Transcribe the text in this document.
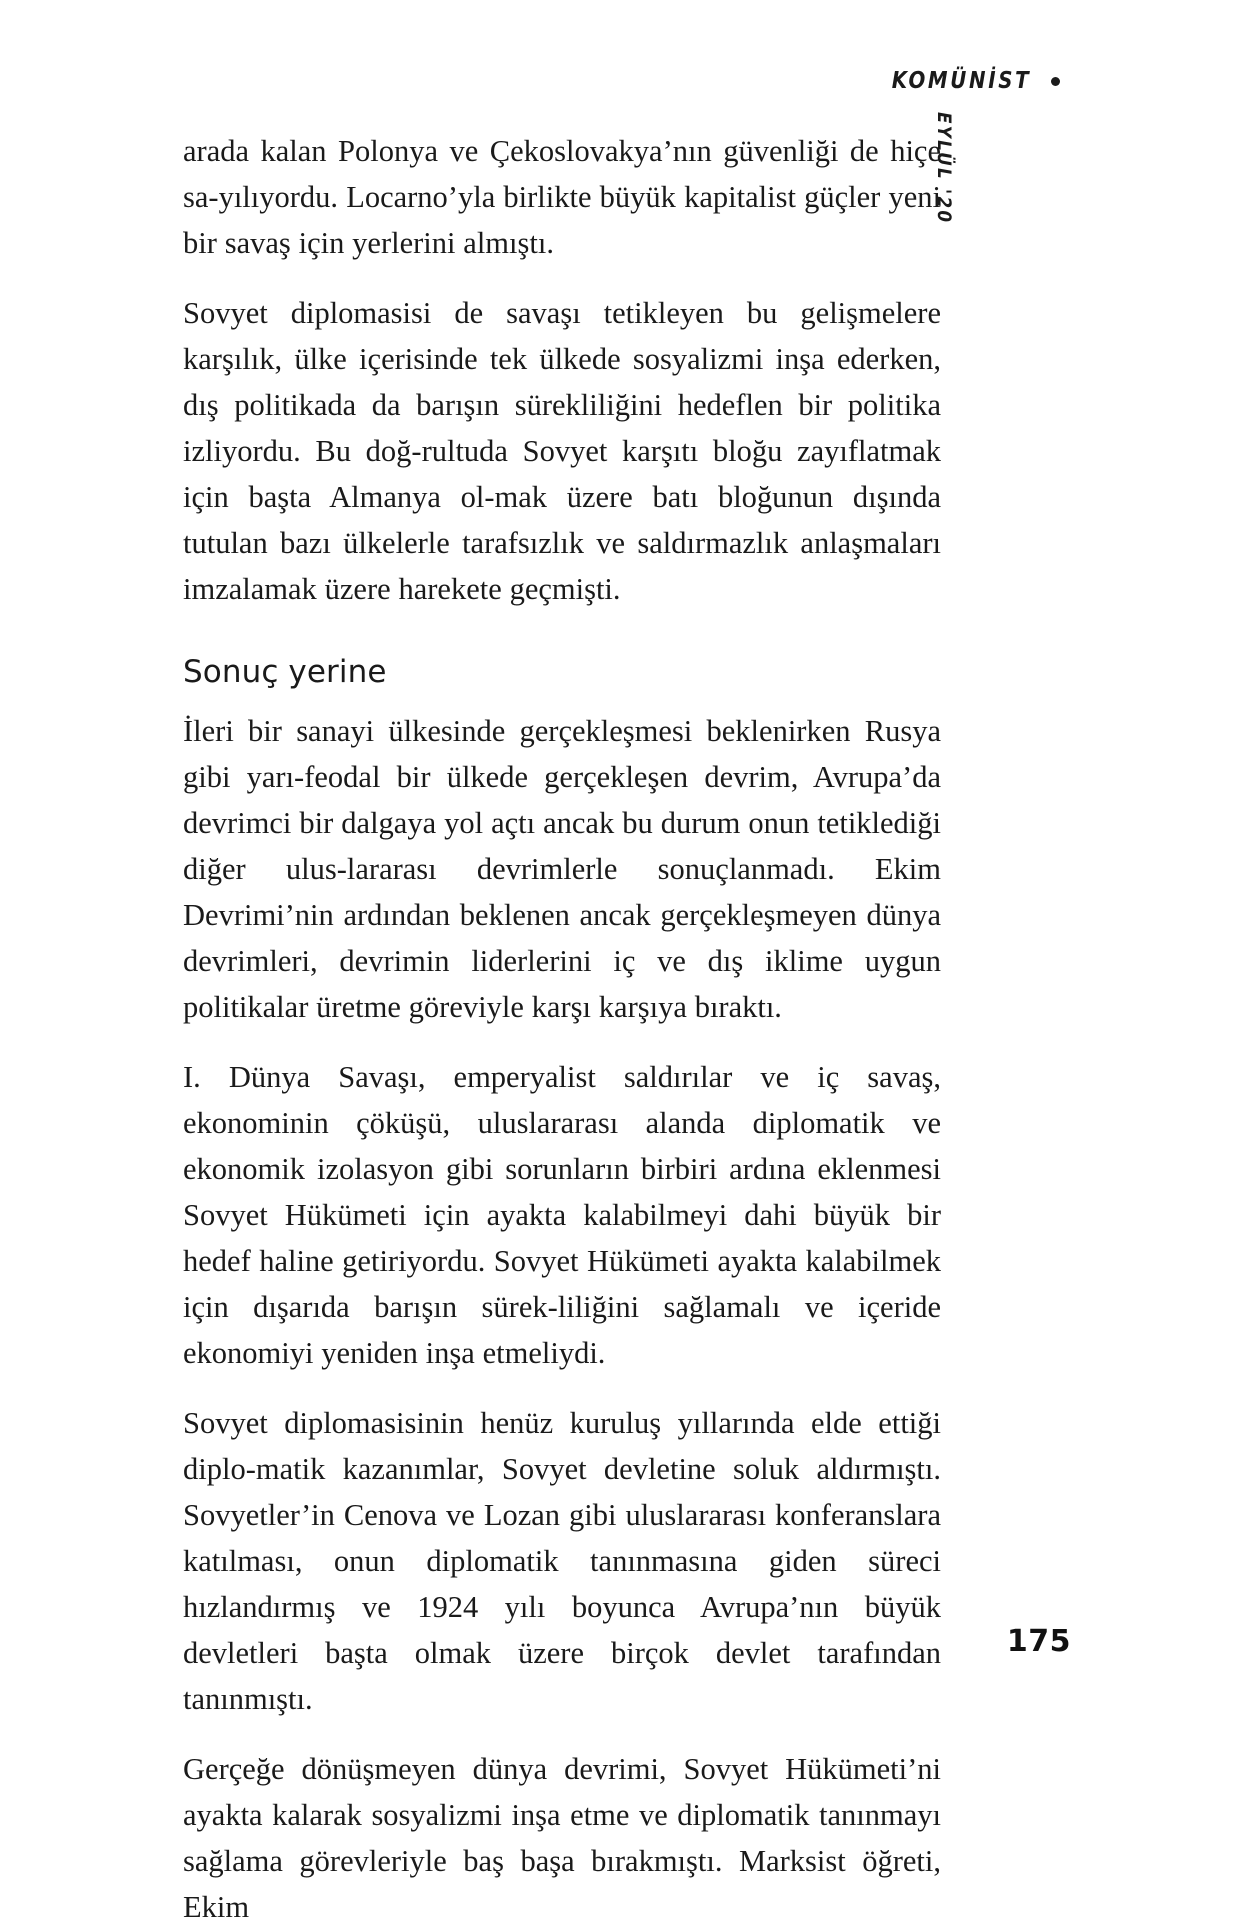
KOMÜNİST
EYLÜL '20

arada kalan Polonya ve Çekoslovakya’nın güvenliği de hiçe sa-yılıyordu. Locarno’yla birlikte büyük kapitalist güçler yeni bir savaş için yerlerini almıştı.

Sovyet diplomasisi de savaşı tetikleyen bu gelişmelere karşılık, ülke içerisinde tek ülkede sosyalizmi inşa ederken, dış politikada da barışın sürekliliğini hedeflen bir politika izliyordu. Bu doğ-rultuda Sovyet karşıtı bloğu zayıflatmak için başta Almanya ol-mak üzere batı bloğunun dışında tutulan bazı ülkelerle tarafsızlık ve saldırmazlık anlaşmaları imzalamak üzere harekete geçmişti.

Sonuç yerine

İleri bir sanayi ülkesinde gerçekleşmesi beklenirken Rusya gibi yarı-feodal bir ülkede gerçekleşen devrim, Avrupa’da devrimci bir dalgaya yol açtı ancak bu durum onun tetiklediği diğer ulus-lararası devrimlerle sonuçlanmadı. Ekim Devrimi’nin ardından beklenen ancak gerçekleşmeyen dünya devrimleri, devrimin liderlerini iç ve dış iklime uygun politikalar üretme göreviyle karşı karşıya bıraktı.

I. Dünya Savaşı, emperyalist saldırılar ve iç savaş, ekonominin çöküşü, uluslararası alanda diplomatik ve ekonomik izolasyon gibi sorunların birbiri ardına eklenmesi Sovyet Hükümeti için ayakta kalabilmeyi dahi büyük bir hedef haline getiriyordu. Sovyet Hükümeti ayakta kalabilmek için dışarıda barışın sürek-liliğini sağlamalı ve içeride ekonomiyi yeniden inşa etmeliydi.

Sovyet diplomasisinin henüz kuruluş yıllarında elde ettiği diplo-matik kazanımlar, Sovyet devletine soluk aldırmıştı. Sovyetler’in Cenova ve Lozan gibi uluslararası konferanslara katılması, onun diplomatik tanınmasına giden süreci hızlandırmış ve 1924 yılı boyunca Avrupa’nın büyük devletleri başta olmak üzere birçok devlet tarafından tanınmıştı.

Gerçeğe dönüşmeyen dünya devrimi, Sovyet Hükümeti’ni ayakta kalarak sosyalizmi inşa etme ve diplomatik tanınmayı sağlama görevleriyle baş başa bırakmıştı. Marksist öğreti, Ekim

175
